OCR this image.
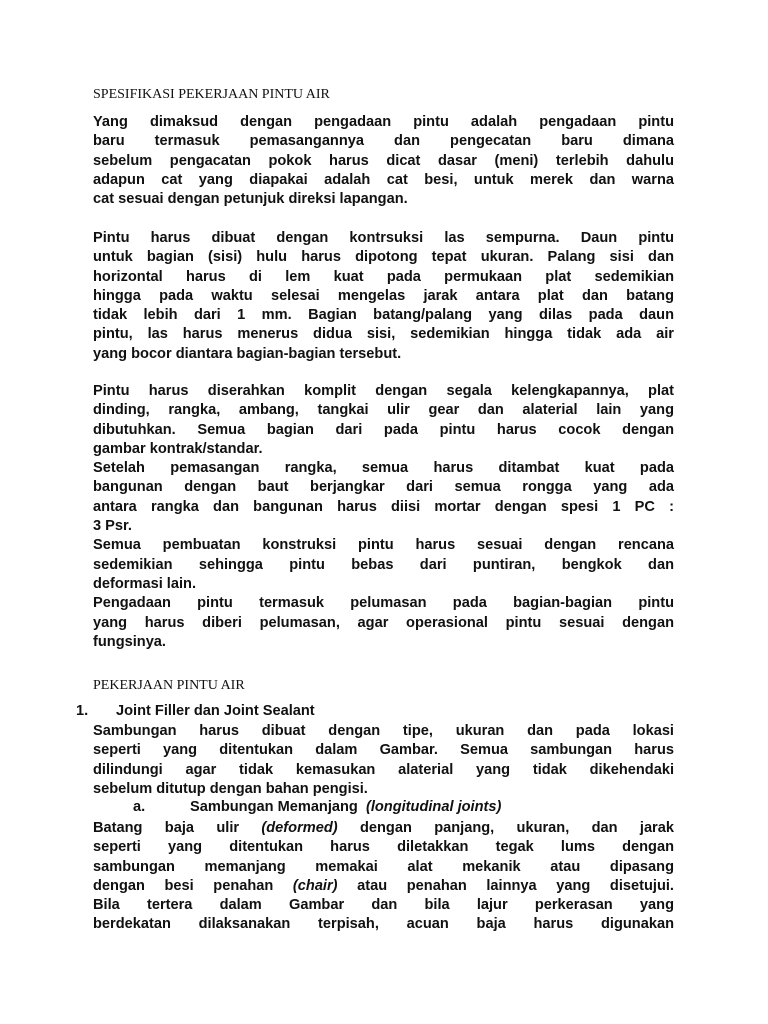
SPESIFIKASI PEKERJAAN PINTU AIR

Yang dimaksud dengan pengadaan pintu adalah pengadaan pintu
baru termasuk pemasangannya dan pengecatan baru dimana
sebelum pengacatan pokok harus dicat dasar (meni) terlebih dahulu
adapun cat yang diapakai adalah cat besi, untuk merek dan warna
cat sesuai dengan petunjuk direksi lapangan.
Pintu harus dibuat dengan kontrsuksi las sempurna. Daun pintu
untuk bagian (sisi) hulu harus dipotong tepat ukuran. Palang sisi dan
horizontal harus di lem kuat pada permukaan plat sedemikian
hingga pada waktu selesai mengelas jarak antara plat dan batang
tidak lebih dari 1 mm. Bagian batang/palang yang dilas pada daun
pintu, las harus menerus didua sisi, sedemikian hingga tidak ada air
yang bocor diantara bagian-bagian tersebut.
Pintu harus diserahkan komplit dengan segala kelengkapannya, plat
dinding, rangka, ambang, tangkai ulir gear dan alaterial lain yang
dibutuhkan. Semua bagian dari pada pintu harus cocok dengan
gambar kontrak/standar.
Setelah pemasangan rangka, semua harus ditambat kuat pada
bangunan dengan baut berjangkar dari semua rongga yang ada
antara rangka dan bangunan harus diisi mortar dengan spesi 1 PC :
3 Psr.
Semua pembuatan konstruksi pintu harus sesuai dengan rencana
sedemikian sehingga pintu bebas dari puntiran, bengkok dan
deformasi lain.
Pengadaan pintu termasuk pelumasan pada bagian-bagian pintu
yang harus diberi pelumasan, agar operasional pintu sesuai dengan
fungsinya.

PEKERJAAN PINTU AIR

1. Joint Filler dan Joint Sealant

Sambungan harus dibuat dengan tipe, ukuran dan pada lokasi
seperti yang ditentukan dalam Gambar. Semua sambungan harus
dilindungi agar tidak kemasukan alaterial yang tidak dikehendaki
sebelum ditutup dengan bahan pengisi.

a.	Sambungan Memanjang (longitudinal joints)

Batang baja ulir (deformed) dengan panjang, ukuran, dan jarak
seperti yang ditentukan harus diletakkan tegak lums dengan
sambungan memanjang memakai alat mekanik atau dipasang
dengan besi penahan (chair) atau penahan lainnya yang disetujui.
Bila tertera dalam Gambar dan bila lajur perkerasan yang
berdekatan dilaksanakan terpisah, acuan baja harus digunakan
